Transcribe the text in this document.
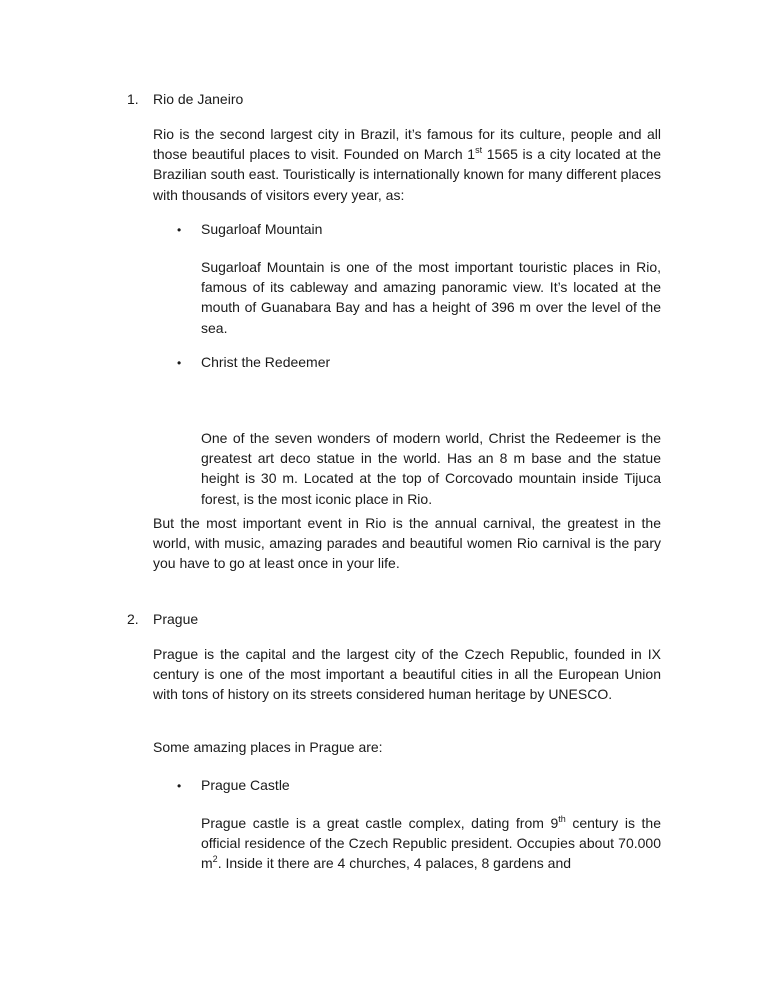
1. Rio de Janeiro

Rio is the second largest city in Brazil, it’s famous for its culture, people and all those beautiful places to visit. Founded on March 1st 1565 is a city located at the Brazilian south east. Touristically is internationally known for many different places with thousands of visitors every year, as:

• Sugarloaf Mountain

Sugarloaf Mountain is one of the most important touristic places in Rio, famous of its cableway and amazing panoramic view. It’s located at the mouth of Guanabara Bay and has a height of 396 m over the level of the sea.

• Christ the Redeemer

One of the seven wonders of modern world, Christ the Redeemer is the greatest art deco statue in the world. Has an 8 m base and the statue height is 30 m. Located at the top of Corcovado mountain inside Tijuca forest, is the most iconic place in Rio.

But the most important event in Rio is the annual carnival, the greatest in the world, with music, amazing parades and beautiful women Rio carnival is the pary you have to go at least once in your life.

2. Prague

Prague is the capital and the largest city of the Czech Republic, founded in IX century is one of the most important a beautiful cities in all the European Union with tons of history on its streets considered human heritage by UNESCO.

Some amazing places in Prague are:

• Prague Castle

Prague castle is a great castle complex, dating from 9th century is the official residence of the Czech Republic president. Occupies about 70.000 $m^2$. Inside it there are 4 churches, 4 palaces, 8 gardens and
